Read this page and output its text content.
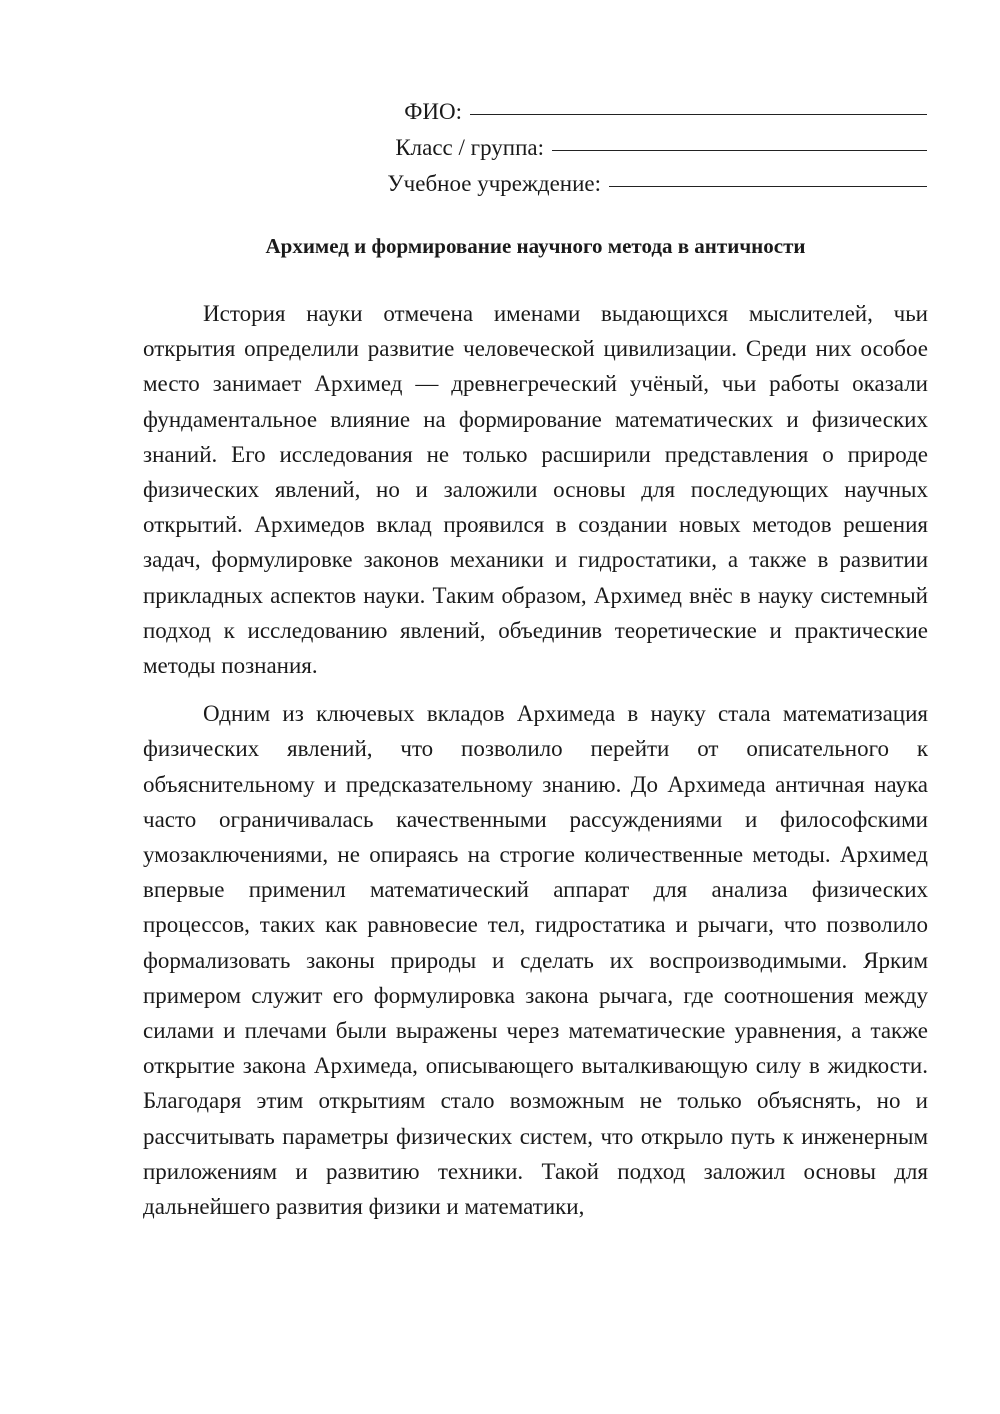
ФИО:
Класс / группа:
Учебное учреждение:
Архимед и формирование научного метода в античности

История науки отмечена именами выдающихся мыслителей, чьи открытия определили развитие человеческой цивилизации. Среди них особое место занимает Архимед — древнегреческий учёный, чьи работы оказали фундаментальное влияние на формирование математических и физических знаний. Его исследования не только расширили представления о природе физических явлений, но и заложили основы для последующих научных открытий. Архимедов вклад проявился в создании новых методов решения задач, формулировке законов механики и гидростатики, а также в развитии прикладных аспектов науки. Таким образом, Архимед внёс в науку системный подход к исследованию явлений, объединив теоретические и практические методы познания.

Одним из ключевых вкладов Архимеда в науку стала математизация физических явлений, что позволило перейти от описательного к объяснительному и предсказательному знанию. До Архимеда античная наука часто ограничивалась качественными рассуждениями и философскими умозаключениями, не опираясь на строгие количественные методы. Архимед впервые применил математический аппарат для анализа физических процессов, таких как равновесие тел, гидростатика и рычаги, что позволило формализовать законы природы и сделать их воспроизводимыми. Ярким примером служит его формулировка закона рычага, где соотношения между силами и плечами были выражены через математические уравнения, а также открытие закона Архимеда, описывающего выталкивающую силу в жидкости. Благодаря этим открытиям стало возможным не только объяснять, но и рассчитывать параметры физических систем, что открыло путь к инженерным приложениям и развитию техники. Такой подход заложил основы для дальнейшего развития физики и математики,
